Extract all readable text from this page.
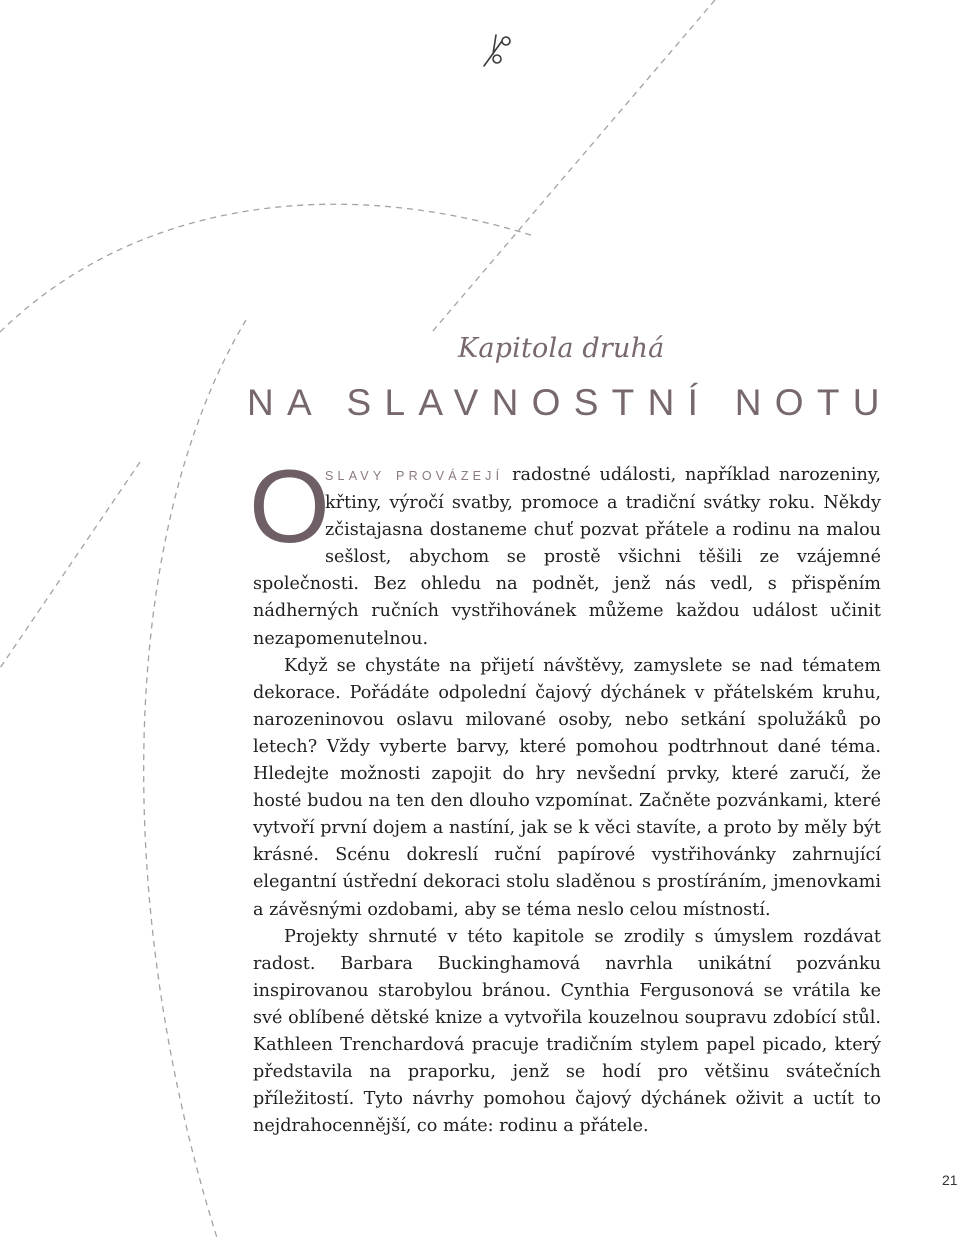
Kapitola druhá
NA SLAVNOSTNÍ NOTU

O
SLAVY PROVÁZEJÍ radostné události, například narozeniny, křtiny, výročí svatby, promoce a tradiční svátky roku. Někdy zčistajasna dostaneme chuť pozvat přátele a rodinu na malou sešlost, abychom se prostě všichni těšili ze vzájemné společnosti. Bez ohledu na podnět, jenž nás vedl, s přispěním nádherných ručních vystřihovánek můžeme každou událost učinit nezapomenutelnou.

Když se chystáte na přijetí návštěvy, zamyslete se nad tématem dekorace. Pořádáte odpolední čajový dýchánek v přátelském kruhu, narozeninovou oslavu milované osoby, nebo setkání spolužáků po letech? Vždy vyberte barvy, které pomohou podtrhnout dané téma. Hledejte možnosti zapojit do hry nevšední prvky, které zaručí, že hosté budou na ten den dlouho vzpomínat. Začněte pozvánkami, které vytvoří první dojem a nastíní, jak se k věci stavíte, a proto by měly být krásné. Scénu dokreslí ruční papírové vystřihovánky zahrnující elegantní ústřední dekoraci stolu sladěnou s prostíráním, jmenovkami a závěsnými ozdobami, aby se téma neslo celou místností.

Projekty shrnuté v této kapitole se zrodily s úmyslem rozdávat radost. Barbara Buckinghamová navrhla unikátní pozvánku inspirovanou starobylou bránou. Cynthia Fergusonová se vrátila ke své oblíbené dětské knize a vytvořila kouzelnou soupravu zdobící stůl. Kathleen Trenchardová pracuje tradičním stylem papel picado, který představila na praporku, jenž se hodí pro většinu svátečních příležitostí. Tyto návrhy pomohou čajový dýchánek oživit a uctít to nejdrahocennější, co máte: rodinu a přátele.

21
